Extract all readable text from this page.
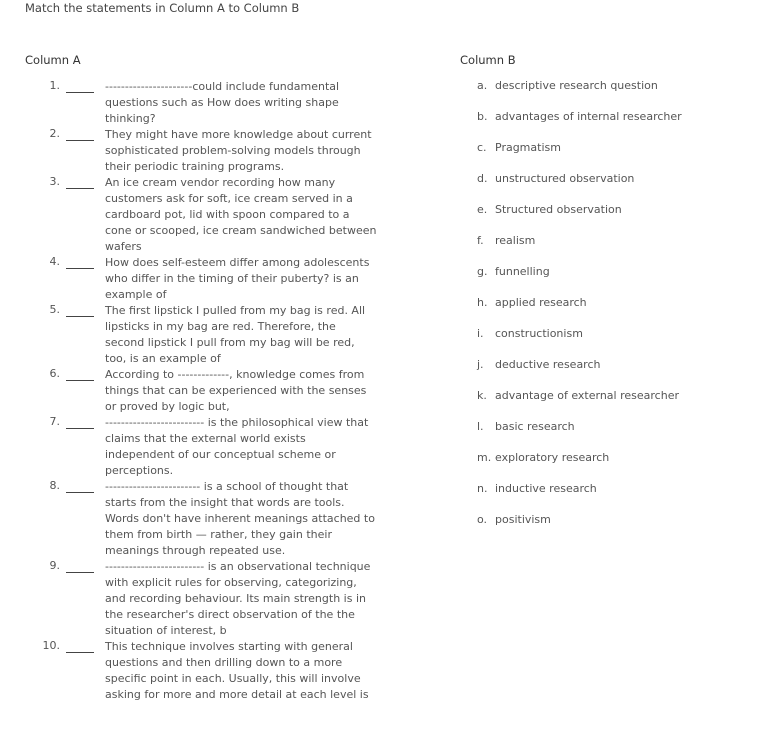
Match the statements in Column A to Column B
Column A	Column B
1.	----------------------could include fundamental questions such as How does writing shape thinking?
2.	They might have more knowledge about current sophisticated problem-solving models through their periodic training programs.
3.	An ice cream vendor recording how many customers ask for soft, ice cream served in a cardboard pot, lid with spoon compared to a cone or scooped, ice cream sandwiched between wafers
4.	How does self-esteem differ among adolescents who differ in the timing of their puberty? is an example of
5.	The first lipstick I pulled from my bag is red. All lipsticks in my bag are red. Therefore, the second lipstick I pull from my bag will be red, too, is an example of
6.	According to -------------, knowledge comes from things that can be experienced with the senses or proved by logic but,
7.	------------------------- is the philosophical view that claims that the external world exists independent of our conceptual scheme or perceptions.
8.	------------------------ is a school of thought that starts from the insight that words are tools. Words don't have inherent meanings attached to them from birth — rather, they gain their meanings through repeated use.
9.	------------------------- is an observational technique with explicit rules for observing, categorizing, and recording behaviour. Its main strength is in the researcher's direct observation of the the situation of interest, b
10.	This technique involves starting with general questions and then drilling down to a more specific point in each. Usually, this will involve asking for more and more detail at each level is
a. descriptive research question
b. advantages of internal researcher
c. Pragmatism
d. unstructured observation
e. Structured observation
f. realism
g. funnelling
h. applied research
i. constructionism
j. deductive research
k. advantage of external researcher
l. basic research
m. exploratory research
n. inductive research
o. positivism
